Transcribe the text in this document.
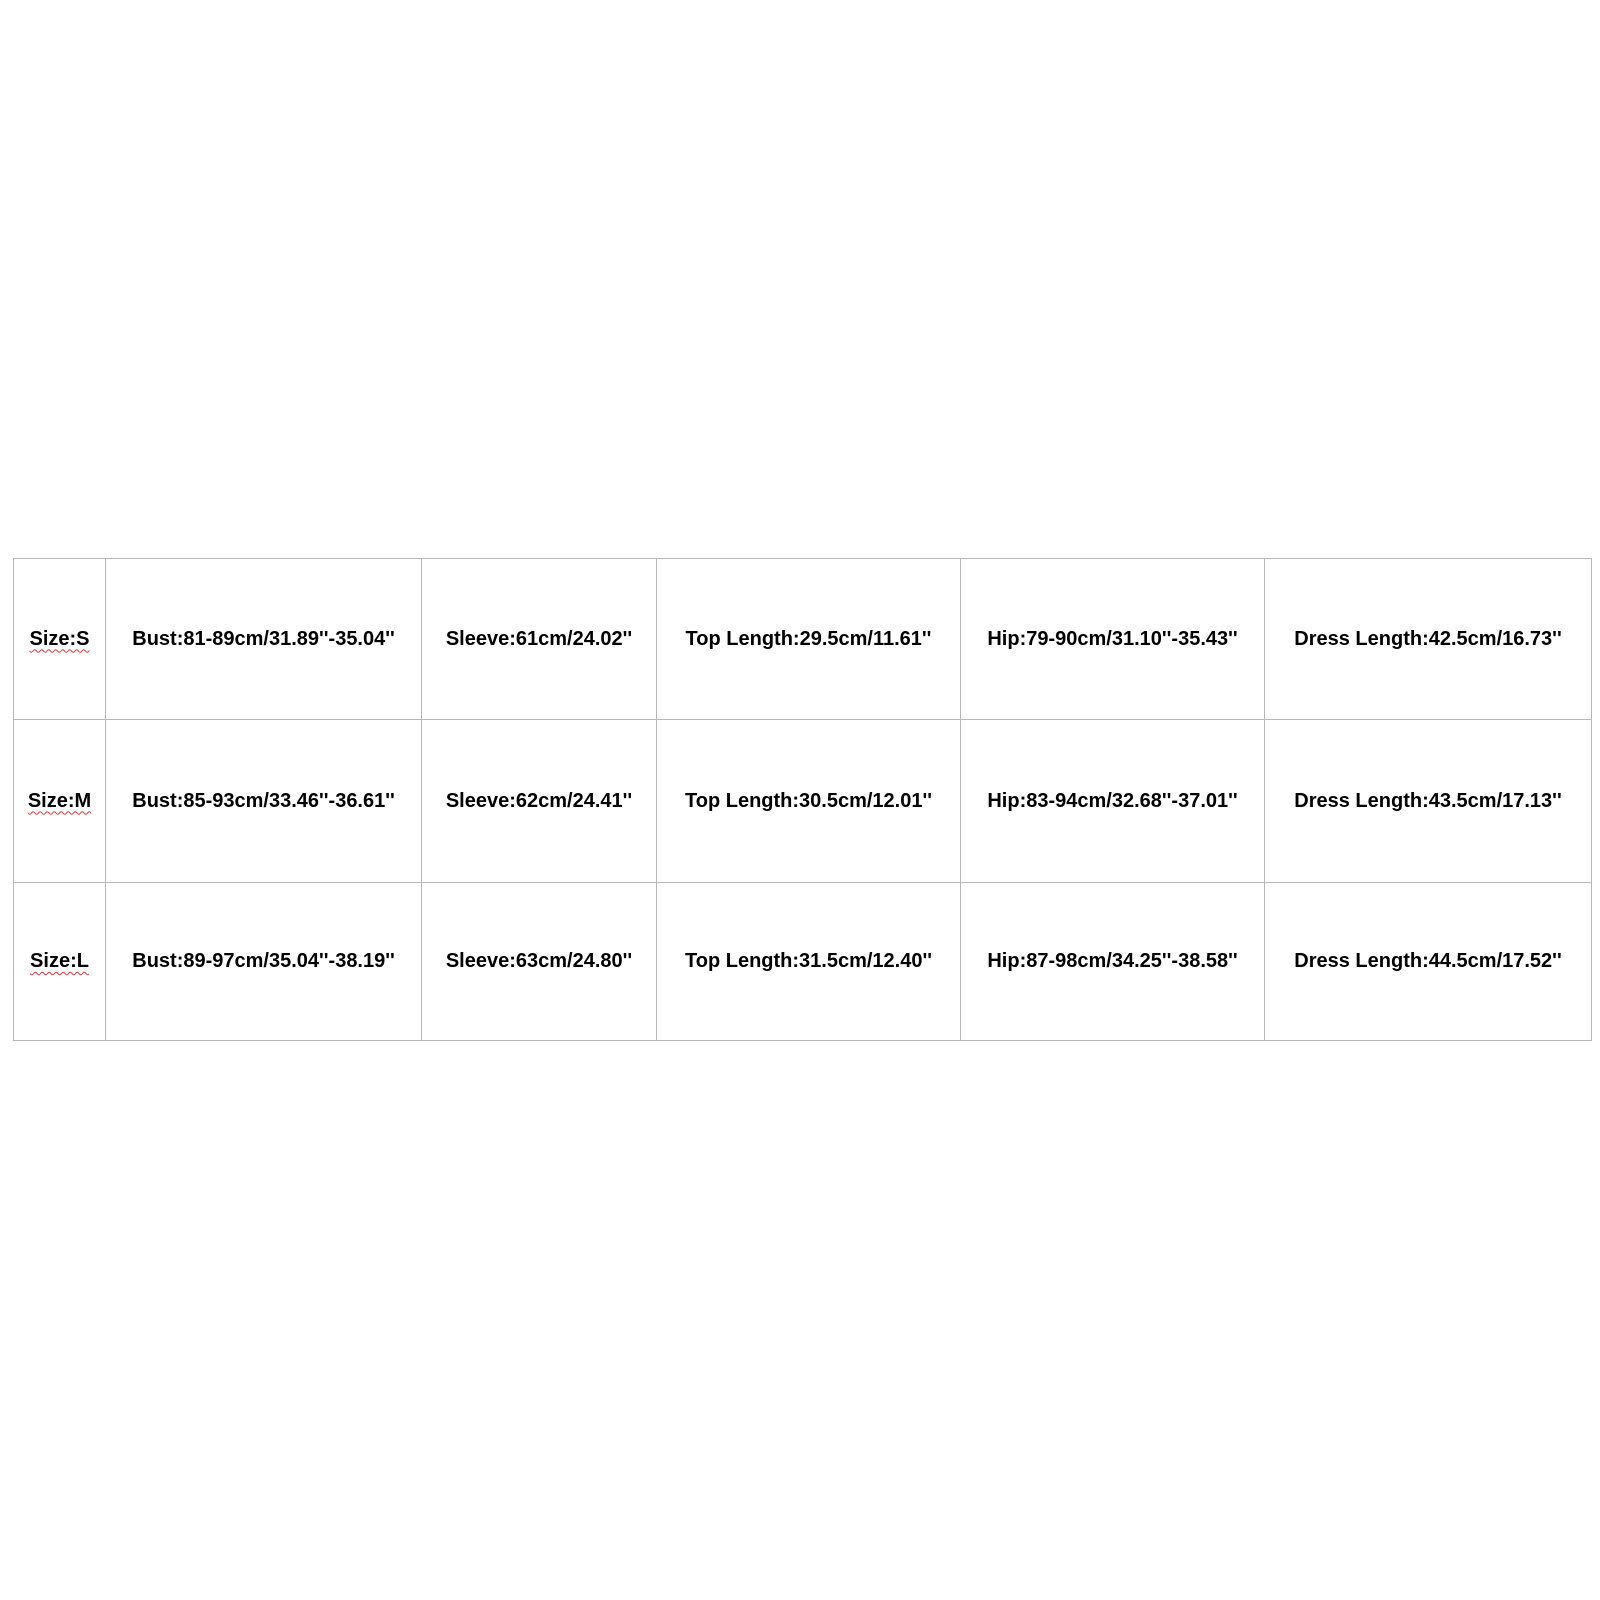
Size:S	Bust:81-89cm/31.89''-35.04''	Sleeve:61cm/24.02''	Top Length:29.5cm/11.61''	Hip:79-90cm/31.10''-35.43''	Dress Length:42.5cm/16.73''
Size:M	Bust:85-93cm/33.46''-36.61''	Sleeve:62cm/24.41''	Top Length:30.5cm/12.01''	Hip:83-94cm/32.68''-37.01''	Dress Length:43.5cm/17.13''
Size:L	Bust:89-97cm/35.04''-38.19''	Sleeve:63cm/24.80''	Top Length:31.5cm/12.40''	Hip:87-98cm/34.25''-38.58''	Dress Length:44.5cm/17.52''
